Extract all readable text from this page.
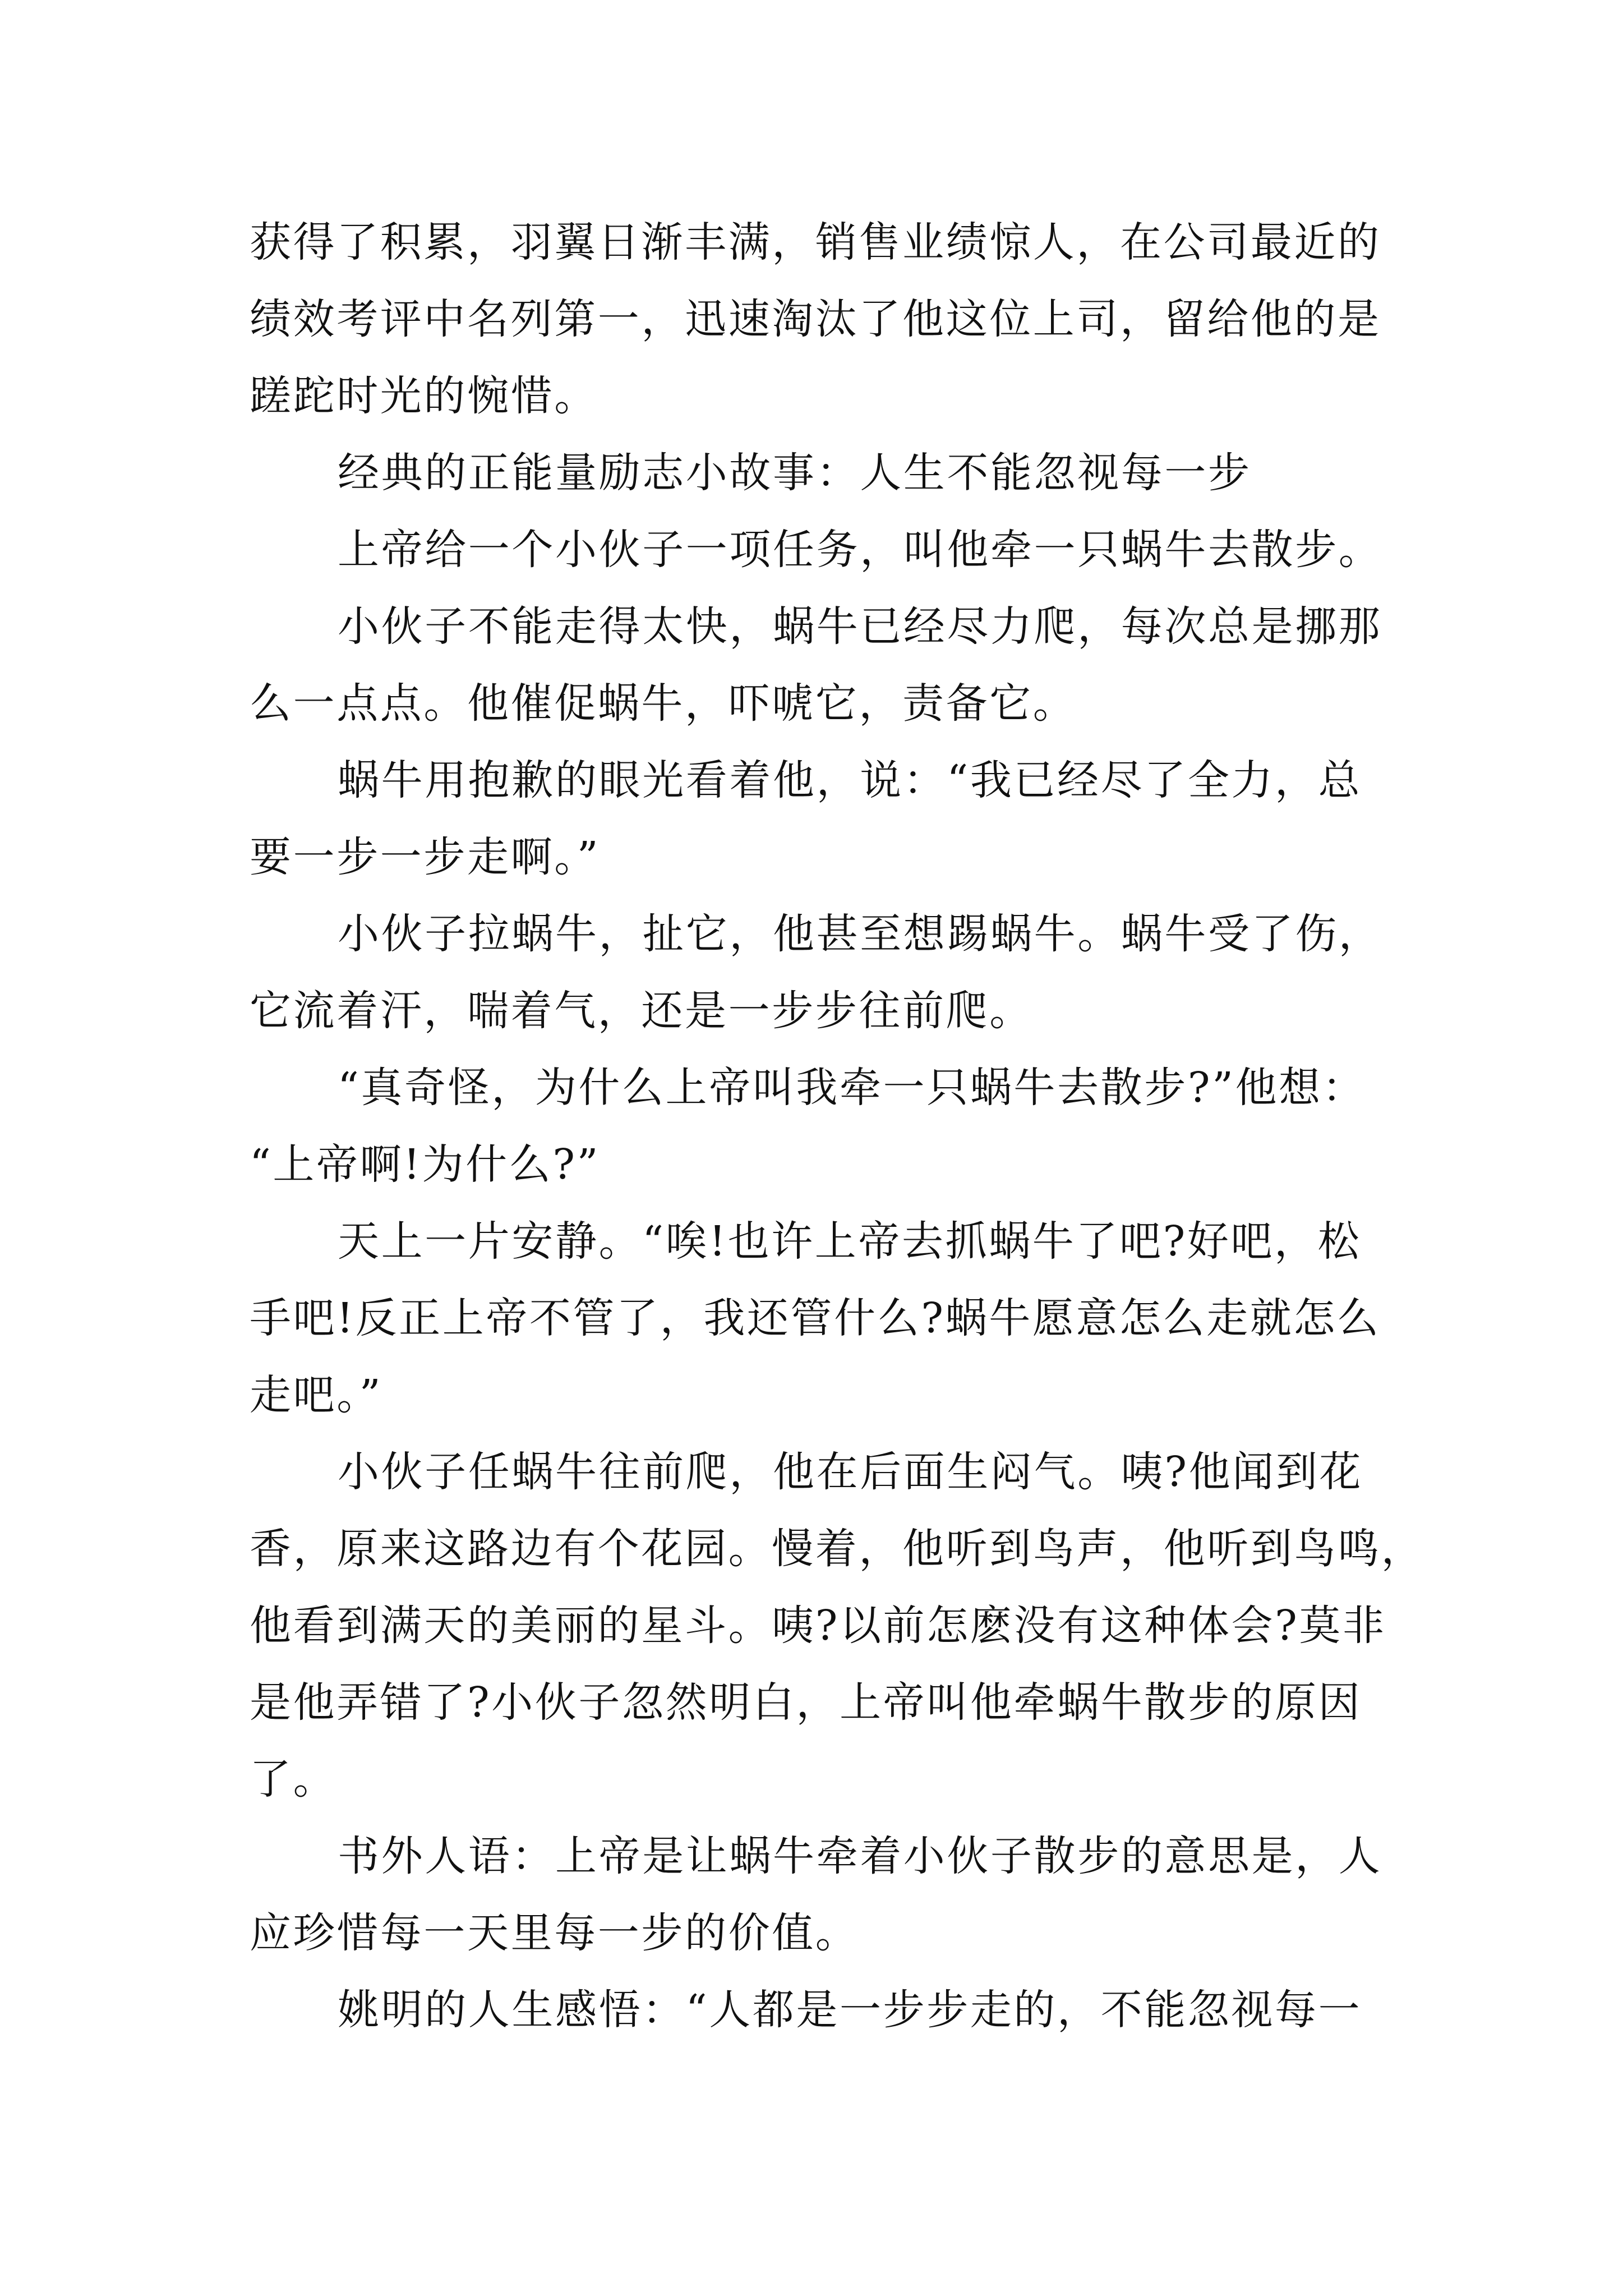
获得了积累，羽翼日渐丰满，销售业绩惊人，在公司最近的
绩效考评中名列第一，迅速淘汰了他这位上司，留给他的是
蹉跎时光的惋惜。
经典的正能量励志小故事：人生不能忽视每一步
上帝给一个小伙子一项任务，叫他牵一只蜗牛去散步。
小伙子不能走得太快，蜗牛已经尽力爬，每次总是挪那
么一点点。他催促蜗牛，吓唬它，责备它。
蜗牛用抱歉的眼光看着他，说：“我已经尽了全力，总
要一步一步走啊。”
小伙子拉蜗牛，扯它，他甚至想踢蜗牛。蜗牛受了伤，
它流着汗，喘着气，还是一步步往前爬。
“真奇怪，为什么上帝叫我牵一只蜗牛去散步?”他想：
“上帝啊!为什么?”
天上一片安静。“唉!也许上帝去抓蜗牛了吧?好吧，松
手吧!反正上帝不管了，我还管什么?蜗牛愿意怎么走就怎么
走吧。”
小伙子任蜗牛往前爬，他在后面生闷气。咦?他闻到花
香，原来这路边有个花园。慢着，他听到鸟声，他听到鸟鸣，
他看到满天的美丽的星斗。咦?以前怎麽没有这种体会?莫非
是他弄错了?小伙子忽然明白，上帝叫他牵蜗牛散步的原因
了。
书外人语：上帝是让蜗牛牵着小伙子散步的意思是，人
应珍惜每一天里每一步的价值。
姚明的人生感悟：“人都是一步步走的，不能忽视每一
